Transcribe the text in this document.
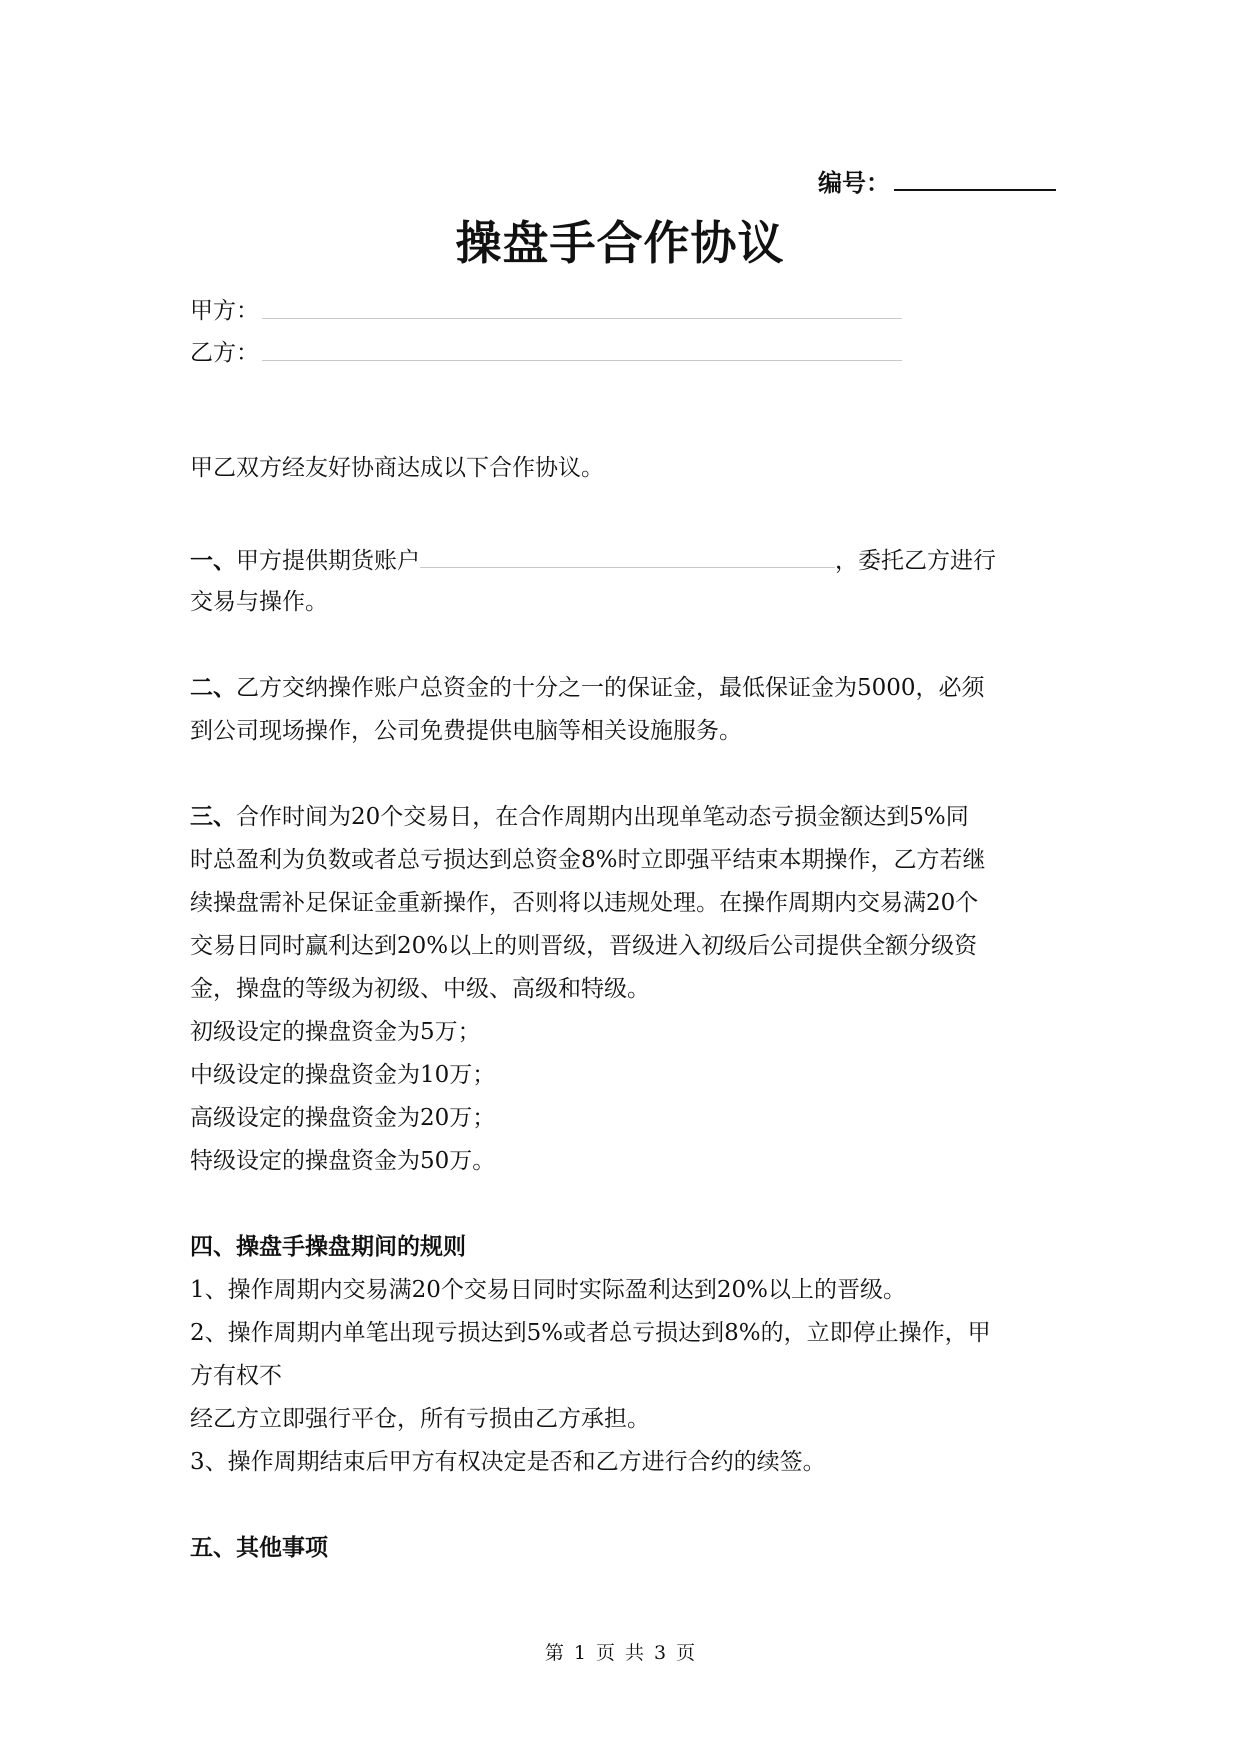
编号：
操盘手合作协议
甲方：
乙方：
甲乙双方经友好协商达成以下合作协议。
一、甲方提供期货账户	，委托乙方进行
交易与操作。
二、乙方交纳操作账户总资金的十分之一的保证金，最低保证金为5000，必须
到公司现场操作，公司免费提供电脑等相关设施服务。
三、合作时间为20个交易日，在合作周期内出现单笔动态亏损金额达到5%同
时总盈利为负数或者总亏损达到总资金8%时立即强平结束本期操作，乙方若继
续操盘需补足保证金重新操作，否则将以违规处理。在操作周期内交易满20个
交易日同时赢利达到20%以上的则晋级，晋级进入初级后公司提供全额分级资
金，操盘的等级为初级、中级、高级和特级。
初级设定的操盘资金为5万；
中级设定的操盘资金为10万；
高级设定的操盘资金为20万；
特级设定的操盘资金为50万。
四、操盘手操盘期间的规则
1、操作周期内交易满20个交易日同时实际盈利达到20%以上的晋级。
2、操作周期内单笔出现亏损达到5%或者总亏损达到8%的，立即停止操作，甲
方有权不
经乙方立即强行平仓，所有亏损由乙方承担。
3、操作周期结束后甲方有权决定是否和乙方进行合约的续签。
五、其他事项
第 1 页 共 3 页
